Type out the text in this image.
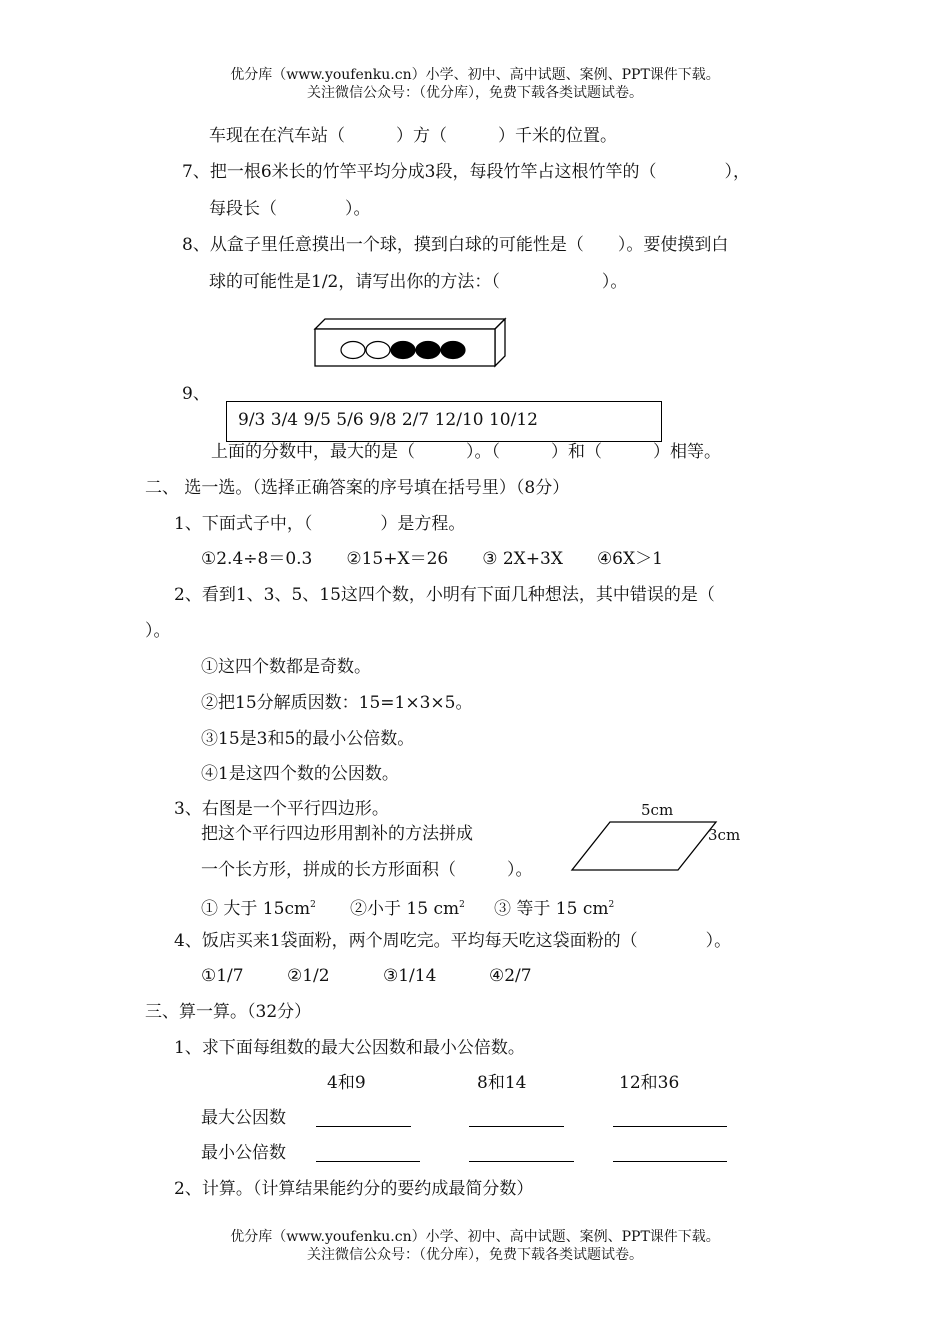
优分库（www.youfenku.cn）小学、初中、高中试题、案例、PPT课件下载。
关注微信公众号：（优分库），免费下载各类试题试卷。
车现在在汽车站（　　　）方（　　　）千米的位置。
7、把一根6米长的竹竿平均分成3段，每段竹竿占这根竹竿的（　　　　），
每段长（　　　　）。
8、从盒子里任意摸出一个球，摸到白球的可能性是（　　）。要使摸到白
球的可能性是1/2，请写出你的方法：（　　　　　　）。
9、
9/3 3/4 9/5 5/6 9/8 2/7 12/10 10/12
上面的分数中，最大的是（　　　）。（　　　）和（　　　）相等。
二、 选一选。（选择正确答案的序号填在括号里）（8分）
1、下面式子中，（　　　　）是方程。
①2.4÷8＝0.3　　②15+X＝26　　③ 2X+3X　　④6X＞1
2、看到1、3、5、15这四个数，小明有下面几种想法，其中错误的是（
）。
①这四个数都是奇数。
②把15分解质因数：15=1×3×5。
③15是3和5的最小公倍数。
④1是这四个数的公因数。
3、右图是一个平行四边形。
把这个平行四边形用割补的方法拼成
一个长方形，拼成的长方形面积（　　　）。
5cm
3cm
① 大于 $15cm^2$ ②小于 15 $cm^2$ ③ 等于 15 $cm^2$
4、饭店买来1袋面粉，两个周吃完。平均每天吃这袋面粉的（　　　　）。
①1/7	②1/2	③1/14	④2/7
三、算一算。（32分）
1、求下面每组数的最大公因数和最小公倍数。
4和9	8和14	12和36
最大公因数
最小公倍数
2、计算。（计算结果能约分的要约成最简分数）
优分库（www.youfenku.cn）小学、初中、高中试题、案例、PPT课件下载。
关注微信公众号：（优分库），免费下载各类试题试卷。
